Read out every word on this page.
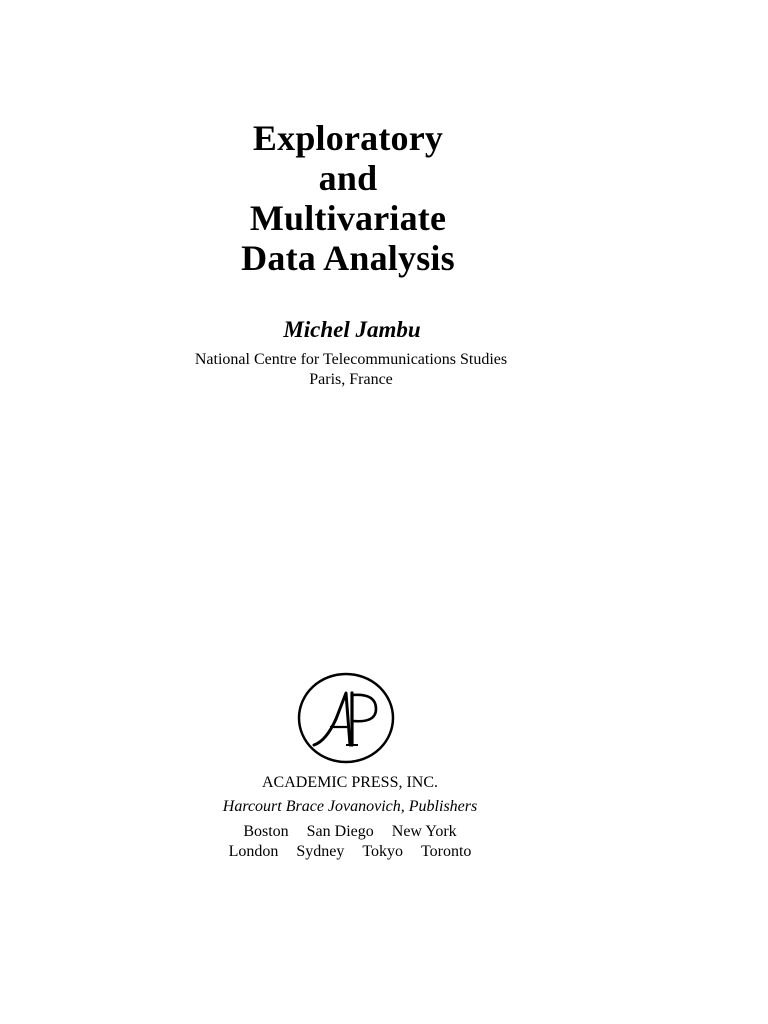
Exploratory
and
Multivariate
Data Analysis
Michel Jambu
National Centre for Telecommunications Studies
Paris, France
AP
ACADEMIC PRESS, INC.
Harcourt Brace Jovanovich, Publishers
Boston San Diego New York
London Sydney Tokyo Toronto
